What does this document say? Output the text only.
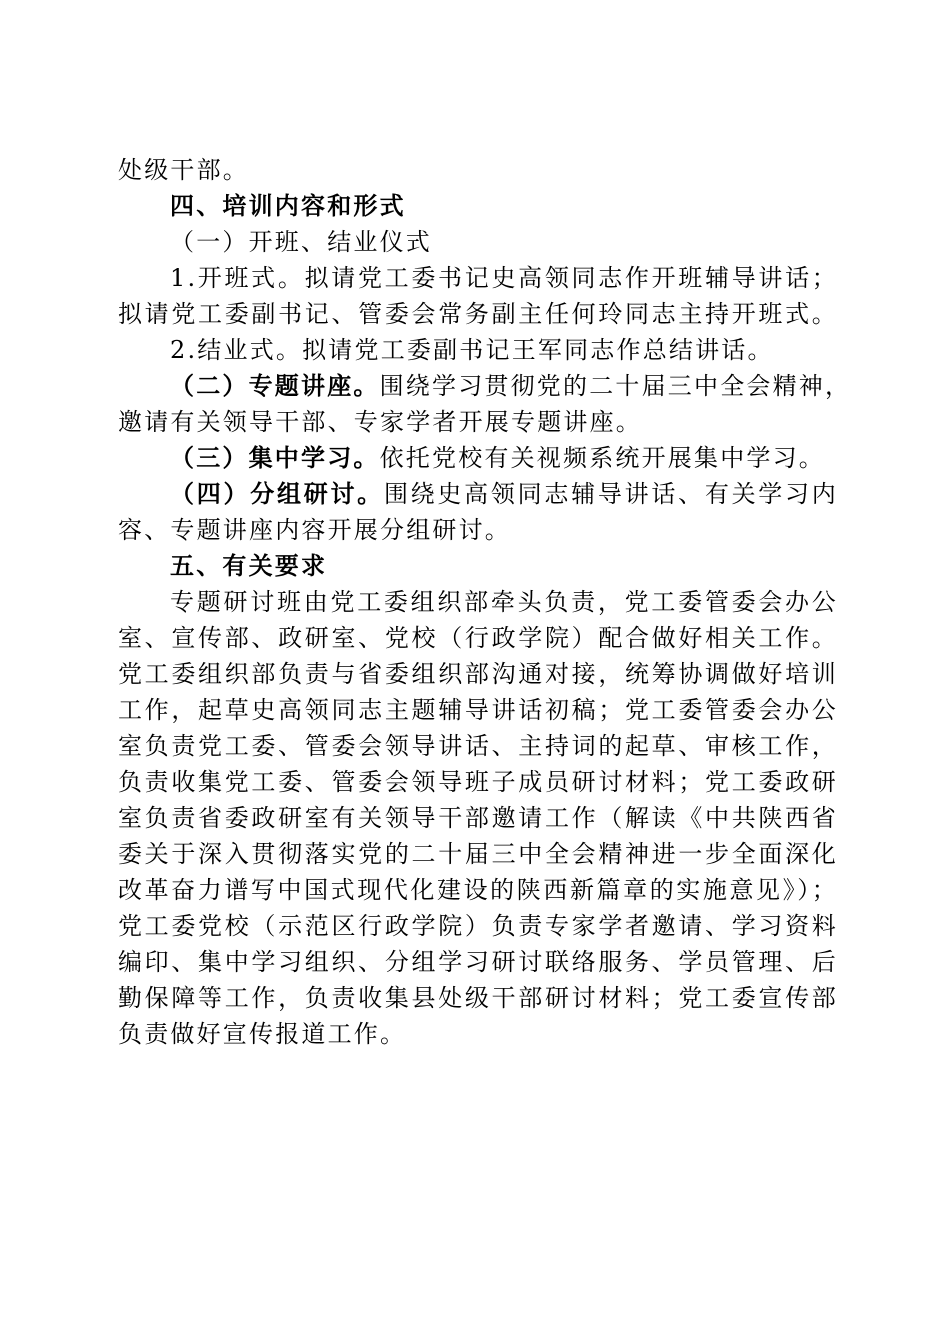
处级干部。
四、培训内容和形式
（一）开班、结业仪式
1.开班式。拟请党工委书记史高领同志作开班辅导讲话；
拟请党工委副书记、管委会常务副主任何玲同志主持开班式。
2.结业式。拟请党工委副书记王军同志作总结讲话。
（二）专题讲座。围绕学习贯彻党的二十届三中全会精神，
邀请有关领导干部、专家学者开展专题讲座。
（三）集中学习。依托党校有关视频系统开展集中学习。
（四）分组研讨。围绕史高领同志辅导讲话、有关学习内
容、专题讲座内容开展分组研讨。
五、有关要求
专题研讨班由党工委组织部牵头负责，党工委管委会办公
室、宣传部、政研室、党校（行政学院）配合做好相关工作。
党工委组织部负责与省委组织部沟通对接，统筹协调做好培训
工作，起草史高领同志主题辅导讲话初稿；党工委管委会办公
室负责党工委、管委会领导讲话、主持词的起草、审核工作，
负责收集党工委、管委会领导班子成员研讨材料；党工委政研
室负责省委政研室有关领导干部邀请工作（解读《中共陕西省
委关于深入贯彻落实党的二十届三中全会精神进一步全面深化
改革奋力谱写中国式现代化建设的陕西新篇章的实施意见》）；
党工委党校（示范区行政学院）负责专家学者邀请、学习资料
编印、集中学习组织、分组学习研讨联络服务、学员管理、后
勤保障等工作，负责收集县处级干部研讨材料；党工委宣传部
负责做好宣传报道工作。
